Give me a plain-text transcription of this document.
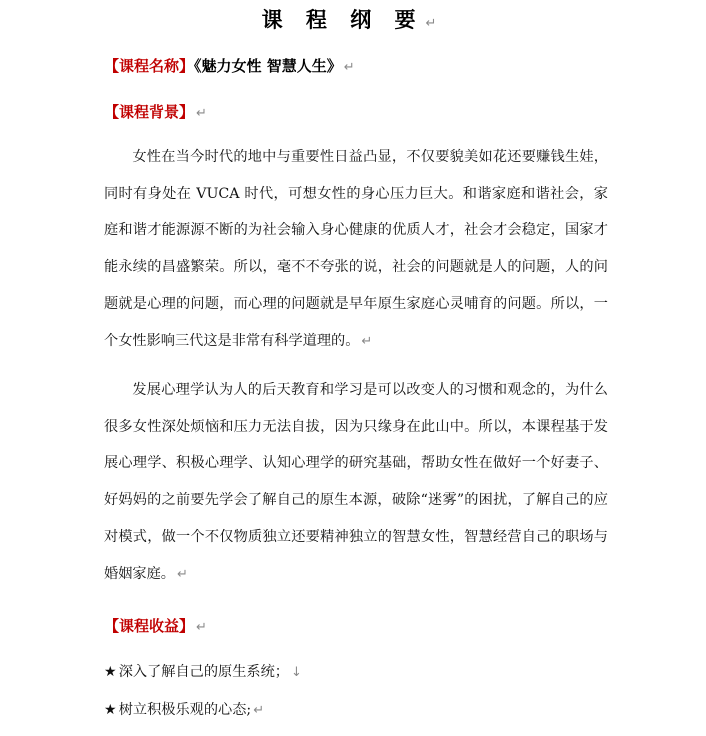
课 程 纲 要 ↵
【课程名称】《魅力女性 智慧人生》 ↵
【课程背景】 ↵

女性在当今时代的地中与重要性日益凸显，不仅要貌美如花还要赚钱生娃，同时有身处在 VUCA 时代，可想女性的身心压力巨大。和谐家庭和谐社会，家庭和谐才能源源不断的为社会输入身心健康的优质人才，社会才会稳定，国家才能永续的昌盛繁荣。所以，毫不不夸张的说，社会的问题就是人的问题，人的问题就是心理的问题，而心理的问题就是早年原生家庭心灵哺育的问题。所以，一个女性影响三代这是非常有科学道理的。 ↵

发展心理学认为人的后天教育和学习是可以改变人的习惯和观念的，为什么很多女性深处烦恼和压力无法自拔，因为只缘身在此山中。所以，本课程基于发展心理学、积极心理学、认知心理学的研究基础，帮助女性在做好一个好妻子、好妈妈的之前要先学会了解自己的原生本源，破除“迷雾”的困扰，了解自己的应对模式，做一个不仅物质独立还要精神独立的智慧女性，智慧经营自己的职场与婚姻家庭。 ↵

【课程收益】 ↵
★ 深入了解自己的原生系统； ↓
★ 树立积极乐观的心态; ↵
